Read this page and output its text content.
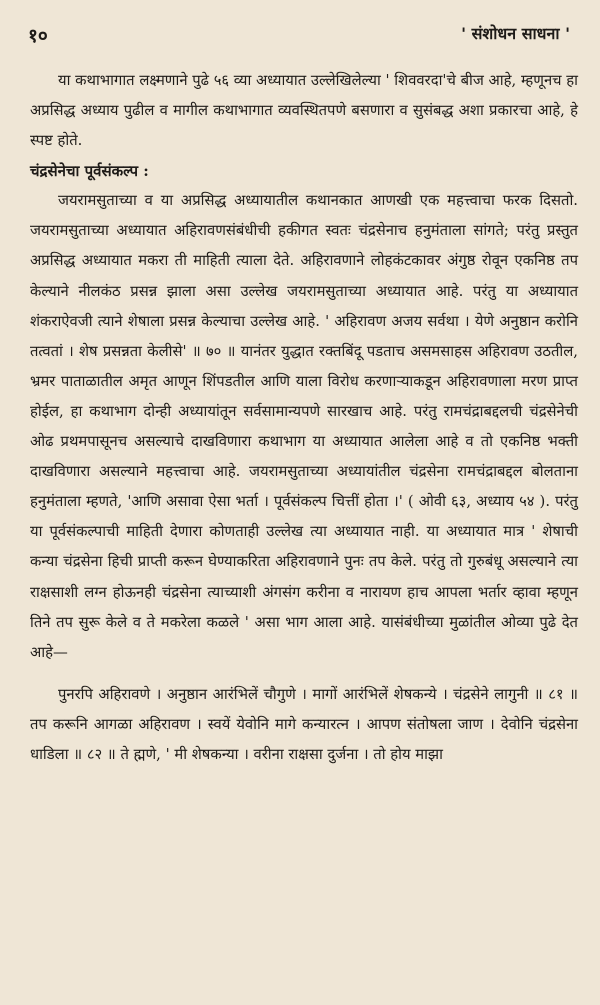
१०	' संशोधन साधना '

या कथाभागात लक्ष्मणाने पुढे ५६ व्या अध्यायात उल्लेखिलेल्या ' शिववरदा'चे बीज आहे, म्हणूनच हा अप्रसिद्ध अध्याय पुढील व मागील कथाभागात व्यवस्थितपणे बसणारा व सुसंबद्ध अशा प्रकारचा आहे, हे स्पष्ट होते.

चंद्रसेनेचा पूर्वसंकल्प :

जयरामसुताच्या व या अप्रसिद्ध अध्यायातील कथानकात आणखी एक महत्त्वाचा फरक दिसतो. जयरामसुताच्या अध्यायात अहिरावणसंबंधीची हकीगत स्वतः चंद्रसेनाच हनुमंताला सांगते; परंतु प्रस्तुत अप्रसिद्ध अध्यायात मकरा ती माहिती त्याला देते. अहिरावणाने लोहकंटकावर अंगुष्ठ रोवून एकनिष्ठ तप केल्याने नीलकंठ प्रसन्न झाला असा उल्लेख जयरामसुताच्या अध्यायात आहे. परंतु या अध्यायात शंकराऐवजी त्याने शेषाला प्रसन्न केल्याचा उल्लेख आहे. ' अहिरावण अजय सर्वथा । येणे अनुष्ठान करोनि तत्वतां । शेष प्रसन्नता केलीसे' ॥ ७० ॥ यानंतर युद्धात रक्तबिंदू पडताच असमसाहस अहिरावण उठतील, भ्रमर पाताळातील अमृत आणून शिंपडतील आणि याला विरोध करणाऱ्याकडून अहिरावणाला मरण प्राप्त होईल, हा कथाभाग दोन्ही अध्यायांतून सर्वसामान्यपणे सारखाच आहे. परंतु रामचंद्राबद्दलची चंद्रसेनेची ओढ प्रथमपासूनच असल्याचे दाखविणारा कथाभाग या अध्यायात आलेला आहे व तो एकनिष्ठ भक्ती दाखविणारा असल्याने महत्त्वाचा आहे. जयरामसुताच्या अध्यायांतील चंद्रसेना रामचंद्राबद्दल बोलताना हनुमंताला म्हणते, 'आणि असावा ऐसा भर्ता । पूर्वसंकल्प चित्तीं होता ।' ( ओवी ६३, अध्याय ५४ ). परंतु या पूर्वसंकल्पाची माहिती देणारा कोणताही उल्लेख त्या अध्यायात नाही. या अध्यायात मात्र ' शेषाची कन्या चंद्रसेना हिची प्राप्ती करून घेण्याकरिता अहिरावणाने पुनः तप केले. परंतु तो गुरुबंधू असल्याने त्या राक्षसाशी लग्न होऊनही चंद्रसेना त्याच्याशी अंगसंग करीना व नारायण हाच आपला भर्तार व्हावा म्हणून तिने तप सुरू केले व ते मकरेला कळले ' असा भाग आला आहे. यासंबंधीच्या मुळांतील ओव्या पुढे देत आहे—

पुनरपि अहिरावणे । अनुष्ठान आरंभिलें चौगुणे । मागों आरंभिलें शेषकन्ये । चंद्रसेने लागुनी ॥ ८१ ॥ तप करूनि आगळा अहिरावण । स्वयें येवोनि मागे कन्यारत्न । आपण संतोषला जाण । देवोनि चंद्रसेना धाडिला ॥ ८२ ॥ ते ह्मणे, ' मी शेषकन्या । वरीना राक्षसा दुर्जना । तो होय माझा
